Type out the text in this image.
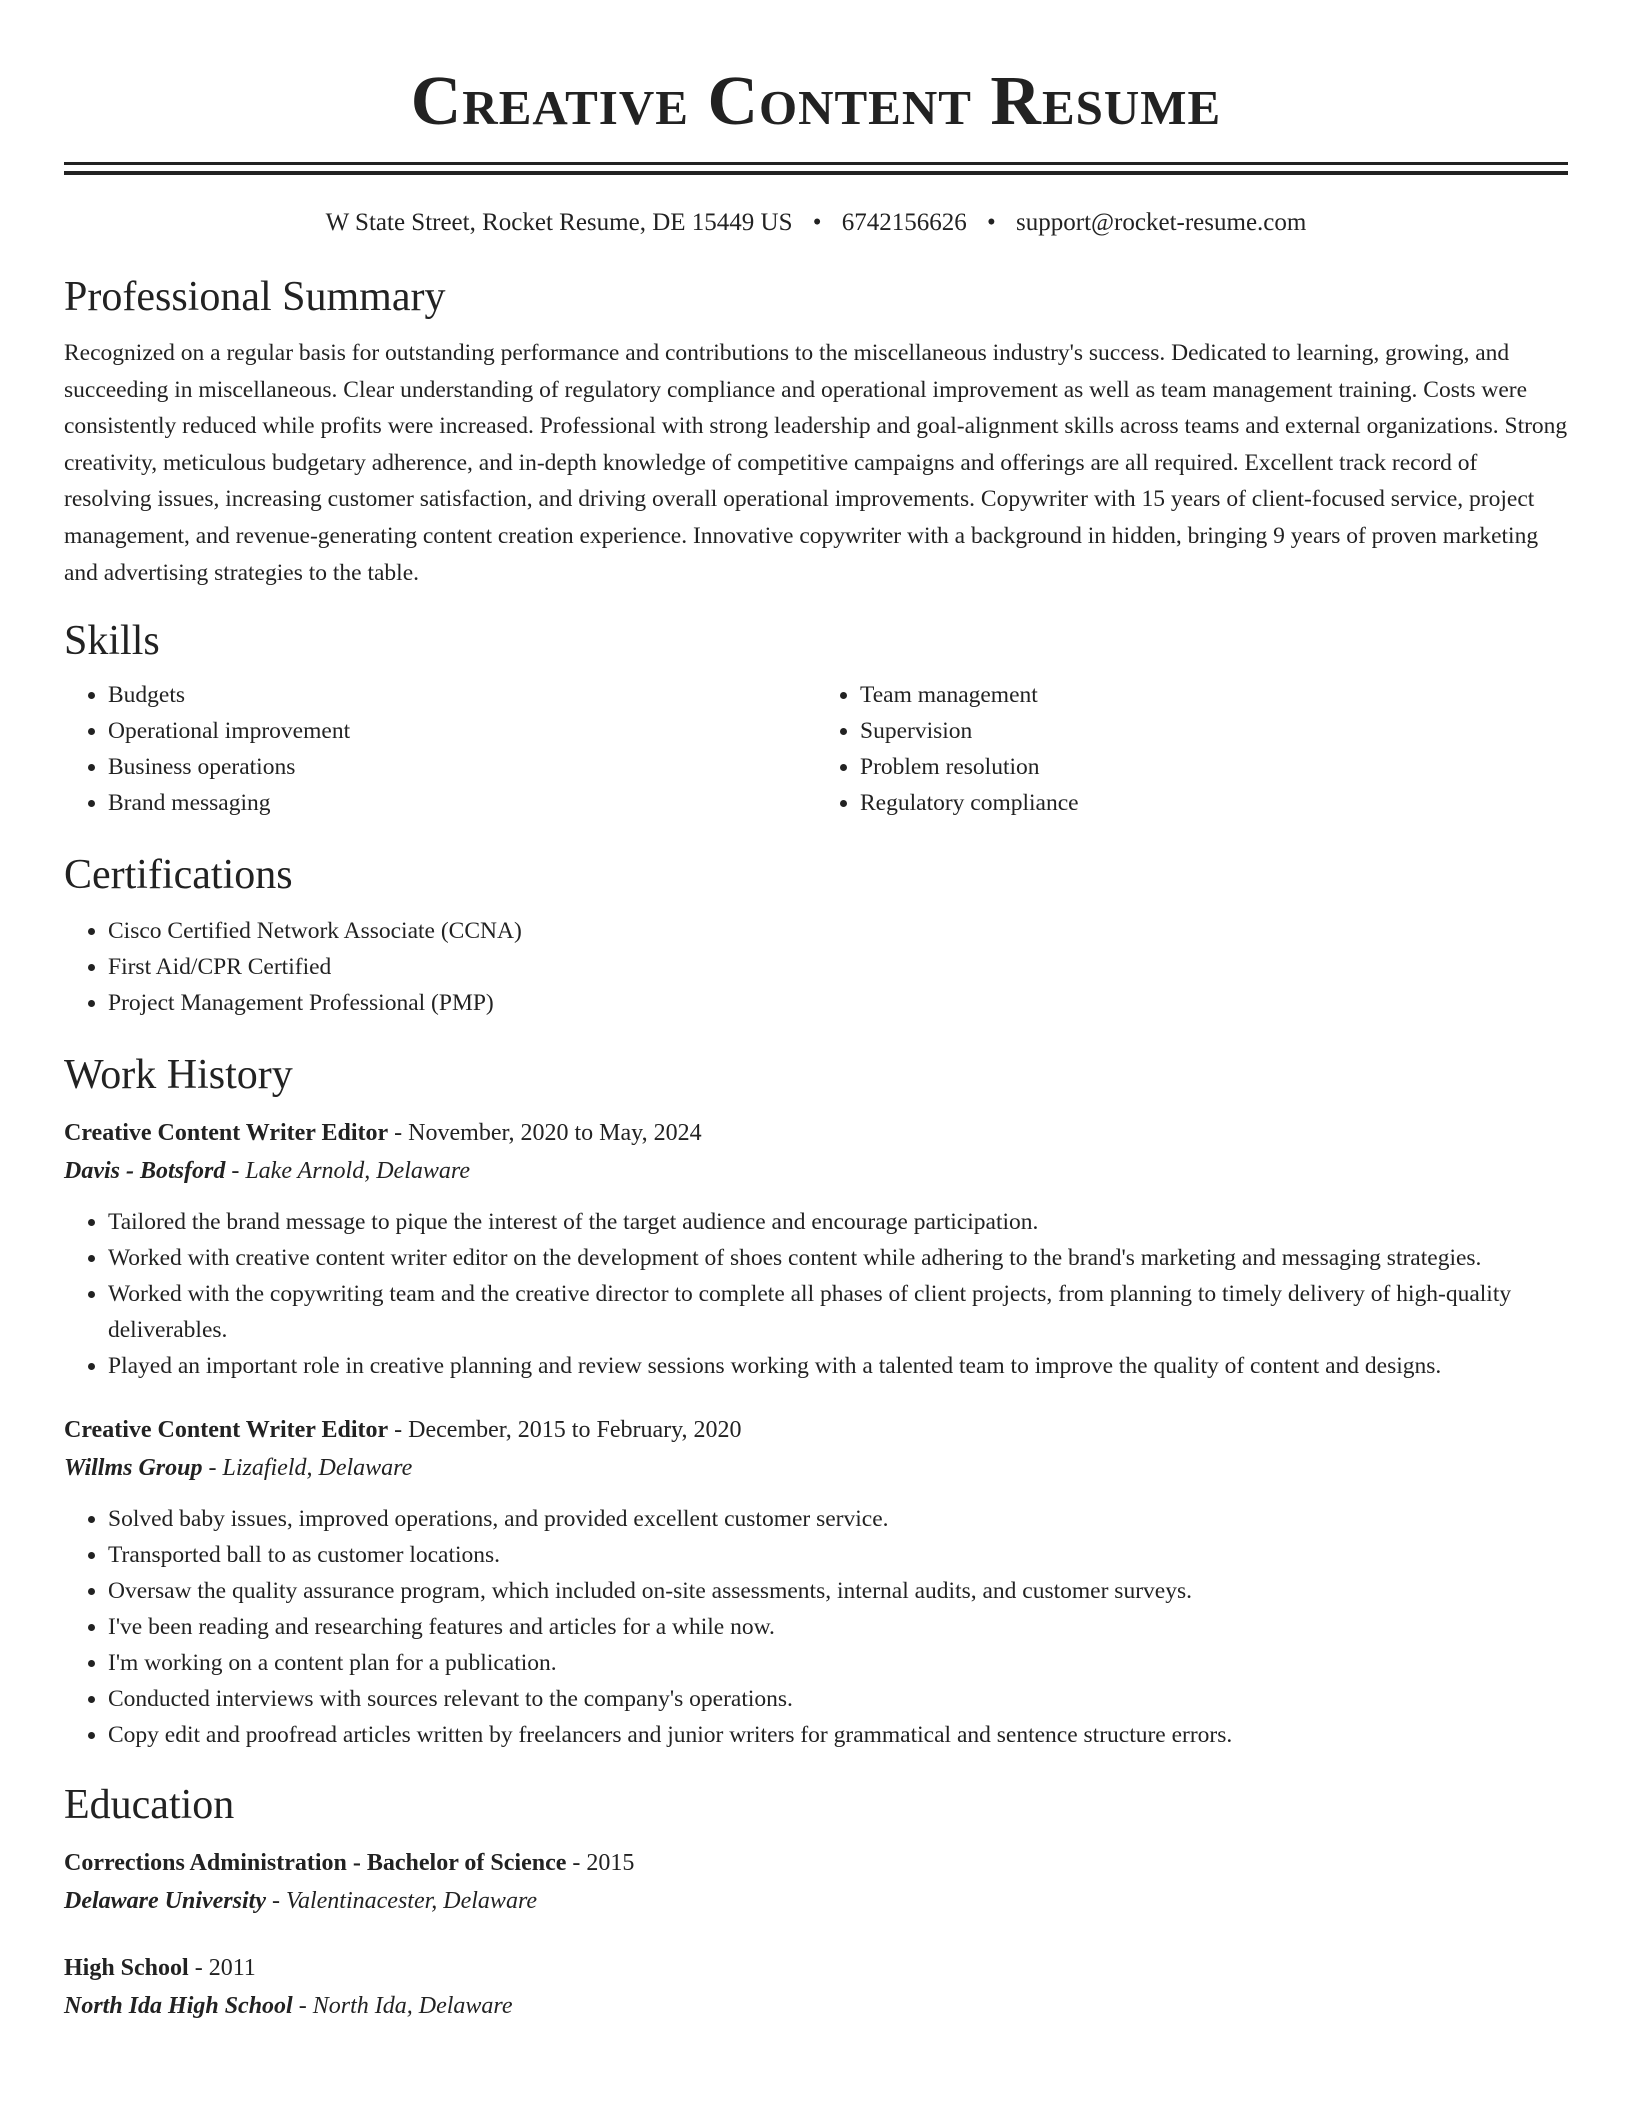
Creative Content Resume
W State Street, Rocket Resume, DE 15449 US • 6742156626 • support@rocket-resume.com
Professional Summary

Recognized on a regular basis for outstanding performance and contributions to the miscellaneous industry's success. Dedicated to learning, growing, and succeeding in miscellaneous. Clear understanding of regulatory compliance and operational improvement as well as team management training. Costs were consistently reduced while profits were increased. Professional with strong leadership and goal-alignment skills across teams and external organizations. Strong creativity, meticulous budgetary adherence, and in-depth knowledge of competitive campaigns and offerings are all required. Excellent track record of resolving issues, increasing customer satisfaction, and driving overall operational improvements. Copywriter with 15 years of client-focused service, project management, and revenue-generating content creation experience. Innovative copywriter with a background in hidden, bringing 9 years of proven marketing and advertising strategies to the table.

Skills
• Budgets
• Operational improvement
• Business operations
• Brand messaging
• Team management
• Supervision
• Problem resolution
• Regulatory compliance
Certifications
• Cisco Certified Network Associate (CCNA)
• First Aid/CPR Certified
• Project Management Professional (PMP)
Work History
Creative Content Writer Editor - November, 2020 to May, 2024
Davis - Botsford - Lake Arnold, Delaware
• Tailored the brand message to pique the interest of the target audience and encourage participation.
• Worked with creative content writer editor on the development of shoes content while adhering to the brand's marketing and messaging strategies.
• Worked with the copywriting team and the creative director to complete all phases of client projects, from planning to timely delivery of high-quality deliverables.
• Played an important role in creative planning and review sessions working with a talented team to improve the quality of content and designs.
Creative Content Writer Editor - December, 2015 to February, 2020
Willms Group - Lizafield, Delaware
• Solved baby issues, improved operations, and provided excellent customer service.
• Transported ball to as customer locations.
• Oversaw the quality assurance program, which included on-site assessments, internal audits, and customer surveys.
• I've been reading and researching features and articles for a while now.
• I'm working on a content plan for a publication.
• Conducted interviews with sources relevant to the company's operations.
• Copy edit and proofread articles written by freelancers and junior writers for grammatical and sentence structure errors.
Education
Corrections Administration - Bachelor of Science - 2015
Delaware University - Valentinacester, Delaware
High School - 2011
North Ida High School - North Ida, Delaware
